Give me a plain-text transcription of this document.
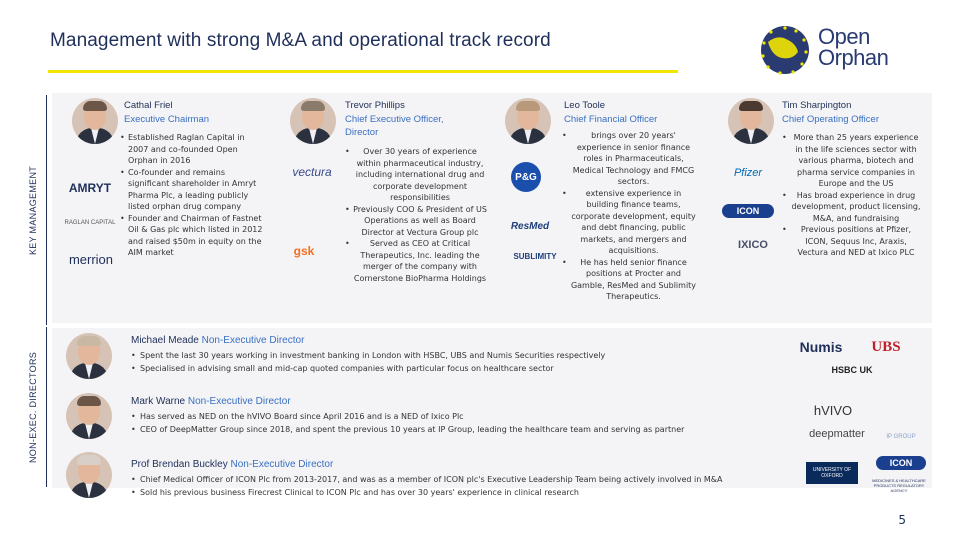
Management with strong M&A and operational track record	Open
Orphan
KEY MANAGEMENT
NON-EXEC. DIRECTORS
Cathal Friel
Executive Chairman
• Established Raglan Capital in 2007 and co-founded Open Orphan in 2016
• Co-founder and remains significant shareholder in Amryt Pharma Plc, a leading publicly listed orphan drug company
• Founder and Chairman of Fastnet Oil & Gas plc which listed in 2012 and raised $50m in equity on the AIM market
AMRYT
RAGLAN CAPITAL
merrion
Trevor Phillips
Chief Executive Officer, Director
• Over 30 years of experience within pharmaceutical industry, including international drug and corporate development responsibilities
• Previously COO & President of US Operations as well as Board Director at Vectura Group plc
• Served as CEO at Critical Therapeutics, Inc. leading the merger of the company with Cornerstone BioPharma Holdings
vectura
gsk
Leo Toole
Chief Financial Officer
• brings over 20 years' experience in senior finance roles in Pharmaceuticals, Medical Technology and FMCG sectors.
• extensive experience in building finance teams, corporate development, equity and debt financing, public markets, and mergers and acquisitions.
• He has held senior finance positions at Procter and Gamble, ResMed and Sublimity Therapeutics.
P&G
ResMed
SUBLIMITY
Tim Sharpington
Chief Operating Officer
• More than 25 years experience in the life sciences sector with various pharma, biotech and pharma service companies in Europe and the US
• Has broad experience in drug development, product licensing, M&A, and fundraising
• Previous positions at Pfizer, ICON, Sequus Inc, Araxis, Vectura and NED at Ixico PLC
Pfizer
ICON
IXICO
Michael Meade Non-Executive Director
• Spent the last 30 years working in investment banking in London with HSBC, UBS and Numis Securities respectively
• Specialised in advising small and mid-cap quoted companies with particular focus on healthcare sector
Numis	UBS
HSBC UK
Mark Warne Non-Executive Director
• Has served as NED on the hVIVO Board since April 2016 and is a NED of Ixico Plc
• CEO of DeepMatter Group since 2018, and spent the previous 10 years at IP Group, leading the healthcare team and serving as partner
hVIVO
deepmatter	IP GROUP
Prof Brendan Buckley Non-Executive Director
• Chief Medical Officer of ICON Plc from 2013-2017, and was as a member of ICON plc's Executive Leadership Team being actively involved in M&A
• Sold his previous business Firecrest Clinical to ICON Plc and has over 30 years' experience in clinical research
UNIVERSITY OF OXFORD
ICON
MEDICINES & HEALTHCARE PRODUCTS REGULATORY AGENCY
5
